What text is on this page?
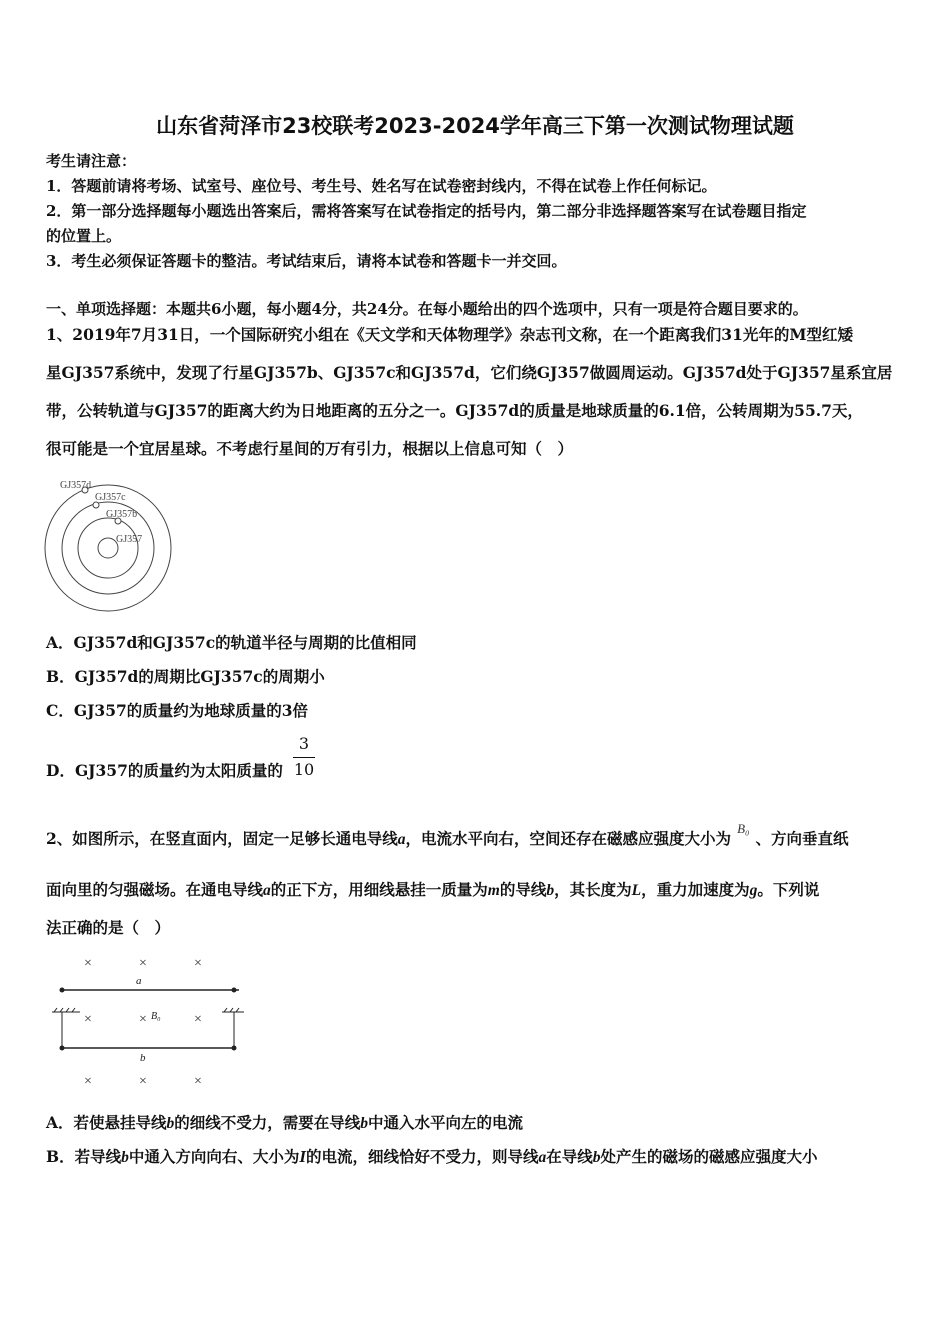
山东省菏泽市23校联考2023-2024学年高三下第一次测试物理试题
考生请注意：
1．答题前请将考场、试室号、座位号、考生号、姓名写在试卷密封线内，不得在试卷上作任何标记。
2．第一部分选择题每小题选出答案后，需将答案写在试卷指定的括号内，第二部分非选择题答案写在试卷题目指定
的位置上。
3．考生必须保证答题卡的整洁。考试结束后，请将本试卷和答题卡一并交回。
一、单项选择题：本题共6小题，每小题4分，共24分。在每小题给出的四个选项中，只有一项是符合题目要求的。
1、2019年7月31日，一个国际研究小组在《天文学和天体物理学》杂志刊文称，在一个距离我们31光年的M型红矮
星GJ357系统中，发现了行星GJ357b、GJ357c和GJ357d，它们绕GJ357做圆周运动。GJ357d处于GJ357星系宜居
带，公转轨道与GJ357的距离大约为日地距离的五分之一。GJ357d的质量是地球质量的6.1倍，公转周期为55.7天，
很可能是一个宜居星球。不考虑行星间的万有引力，根据以上信息可知（　）
GJ357d
GJ357c
GJ357b
GJ357
A．GJ357d和GJ357c的轨道半径与周期的比值相同
B．GJ357d的周期比GJ357c的周期小
C．GJ357的质量约为地球质量的3倍
D．GJ357的质量约为太阳质量的
3
10
2、如图所示，在竖直面内，固定一足够长通电导线a，电流水平向右，空间还存在磁感应强度大小为$^{B_0}$、方向垂直纸
面向里的匀强磁场。在通电导线a的正下方，用细线悬挂一质量为m的导线b，其长度为L，重力加速度为g。下列说
法正确的是（　）
×	×	×
×	×	×
×	×	×
a
b
B₀
A．若使悬挂导线b的细线不受力，需要在导线b中通入水平向左的电流
B．若导线b中通入方向向右、大小为I的电流，细线恰好不受力，则导线a在导线b处产生的磁场的磁感应强度大小
